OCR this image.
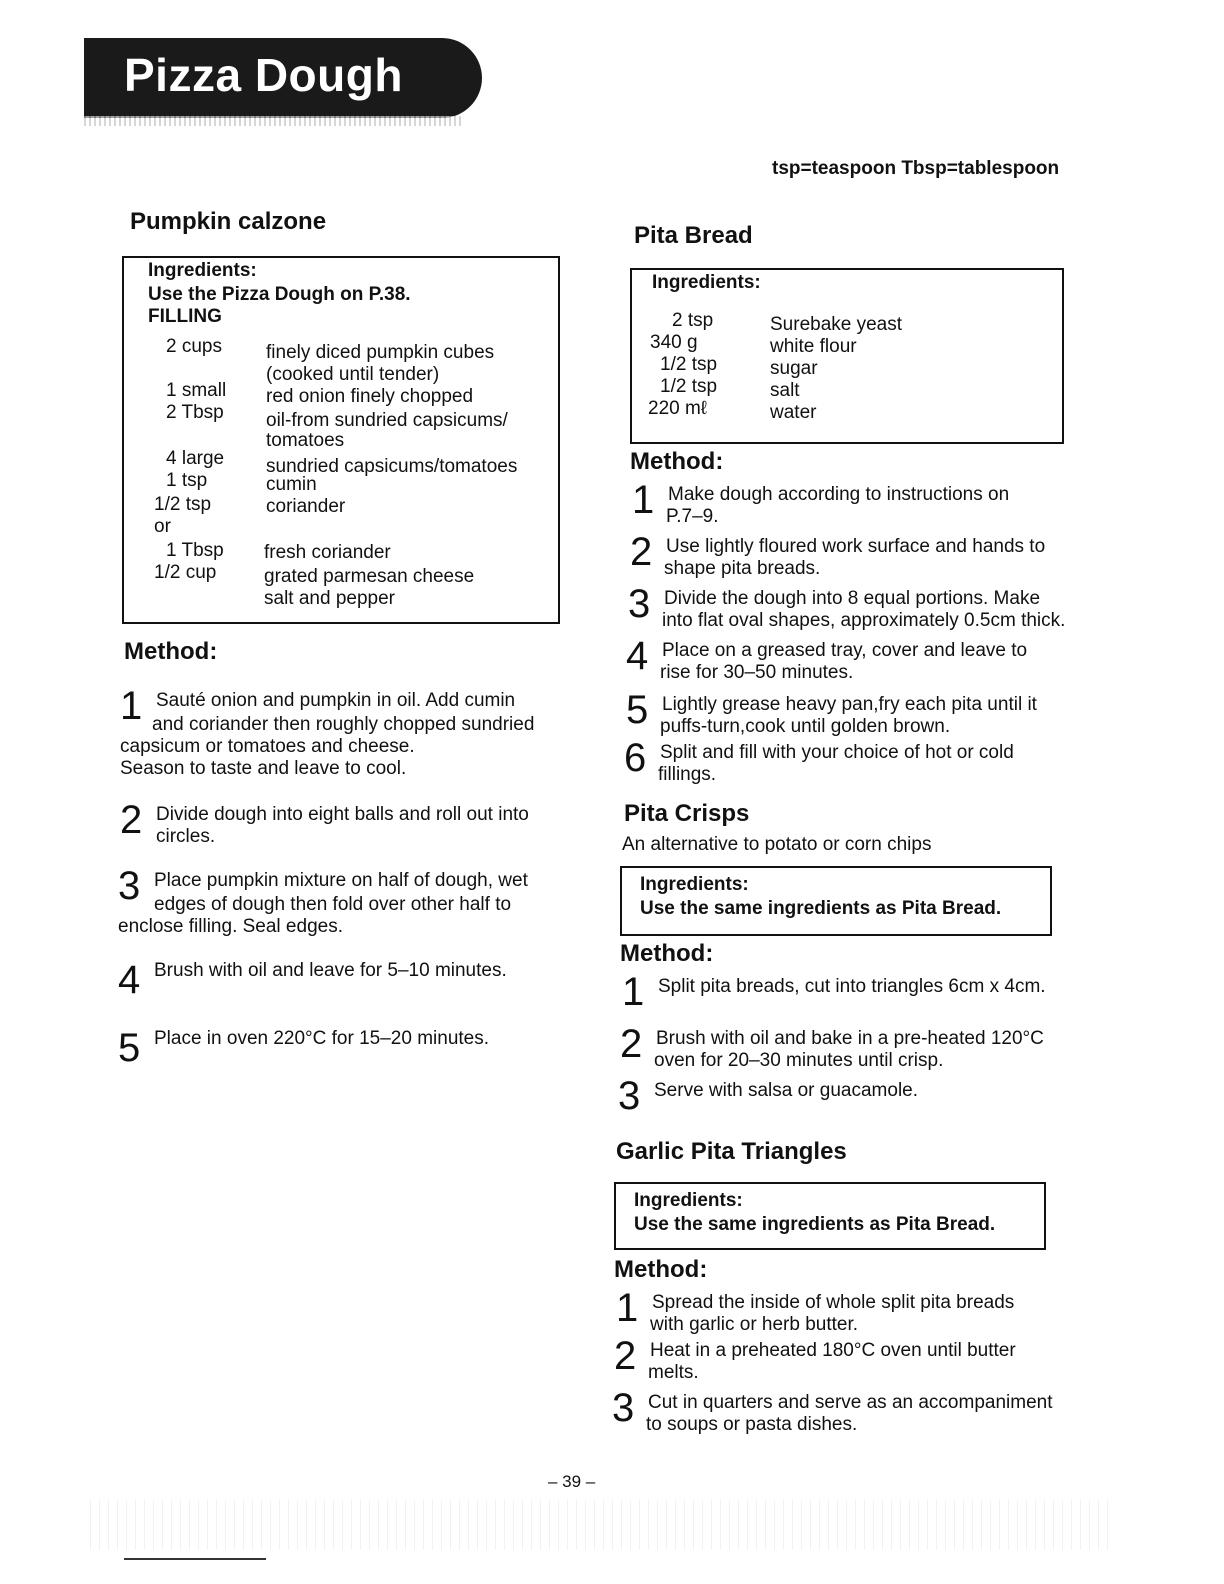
Pizza Dough
tsp=teaspoon Tbsp=tablespoon
Pumpkin calzone
Ingredients:
Use the Pizza Dough on P.38.
FILLING
2 cups finely diced pumpkin cubes
(cooked until tender)
1 small red onion finely chopped
2 Tbsp oil-from sundried capsicums/
tomatoes
4 large sundried capsicums/tomatoes
1 tsp	cumin
1/2 tsp	coriander
or
1 Tbsp fresh coriander
1/2 cup	grated parmesan cheese
salt and pepper
Method:
1 Sauté onion and pumpkin in oil. Add cumin
and coriander then roughly chopped sundried
capsicum or tomatoes and cheese.
Season to taste and leave to cool.
2 Divide dough into eight balls and roll out into
circles.
3 Place pumpkin mixture on half of dough, wet
edges of dough then fold over other half to
enclose filling. Seal edges.
4 Brush with oil and leave for 5–10 minutes.
5 Place in oven 220°C for 15–20 minutes.
Pita Bread
Ingredients:
2 tsp	Surebake yeast
340 g	white flour
1/2 tsp	sugar
1/2 tsp	salt
220 mℓ	water
Method:
1 Make dough according to instructions on
P.7–9.
2 Use lightly floured work surface and hands to
shape pita breads.
3 Divide the dough into 8 equal portions. Make
into flat oval shapes, approximately 0.5cm thick.
4 Place on a greased tray, cover and leave to
rise for 30–50 minutes.
5 Lightly grease heavy pan,fry each pita until it
puffs-turn,cook until golden brown.
6 Split and fill with your choice of hot or cold
fillings.
Pita Crisps
An alternative to potato or corn chips
Ingredients:
Use the same ingredients as Pita Bread.
Method:
1 Split pita breads, cut into triangles 6cm x 4cm.
2 Brush with oil and bake in a pre-heated 120°C
oven for 20–30 minutes until crisp.
3 Serve with salsa or guacamole.
Garlic Pita Triangles
Ingredients:
Use the same ingredients as Pita Bread.
Method:
1 Spread the inside of whole split pita breads
with garlic or herb butter.
2 Heat in a preheated 180°C oven until butter
melts.
3 Cut in quarters and serve as an accompaniment
to soups or pasta dishes.
– 39 –
